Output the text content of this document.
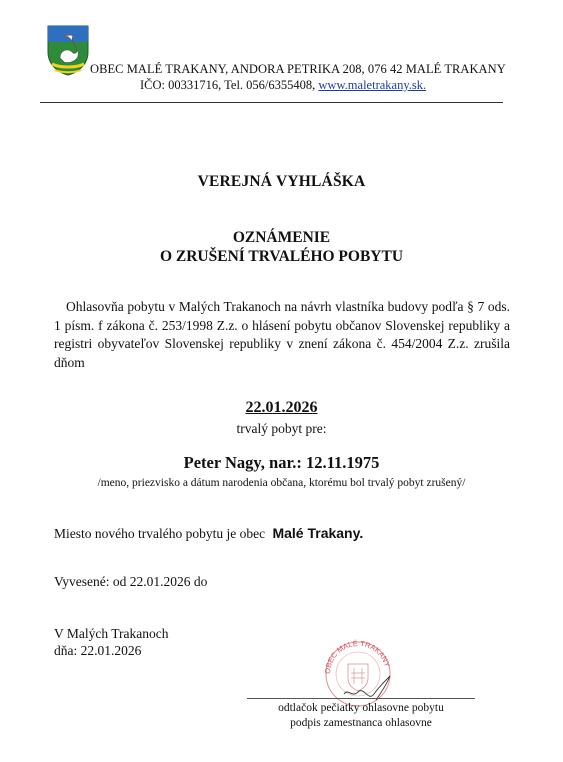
OBEC MALÉ TRAKANY, ANDORA PETRIKA 208, 076 42 MALÉ TRAKANY
IČO: 00331716, Tel. 056/6355408, www.maletrakany.sk.
VEREJNÁ VYHLÁŠKA
OZNÁMENIE
O ZRUŠENÍ TRVALÉHO POBYTU
Ohlasovňa pobytu v Malých Trakanoch na návrh vlastníka budovy podľa § 7 ods. 1 písm. f zákona č. 253/1998 Z.z. o hlásení pobytu občanov Slovenskej republiky a registri obyvateľov Slovenskej republiky v znení zákona č. 454/2004 Z.z. zrušila dňom
22.01.2026
trvalý pobyt pre:
Peter Nagy, nar.: 12.11.1975
/meno, priezvisko a dátum narodenia občana, ktorému bol trvalý pobyt zrušený/
Miesto nového trvalého pobytu je obec Malé Trakany.
Vyvesené: od 22.01.2026 do
V Malých Trakanoch
dňa: 22.01.2026
OBEC MALÉ TRAKANY
odtlačok pečiatky ohlasovne pobytu
podpis zamestnanca ohlasovne
